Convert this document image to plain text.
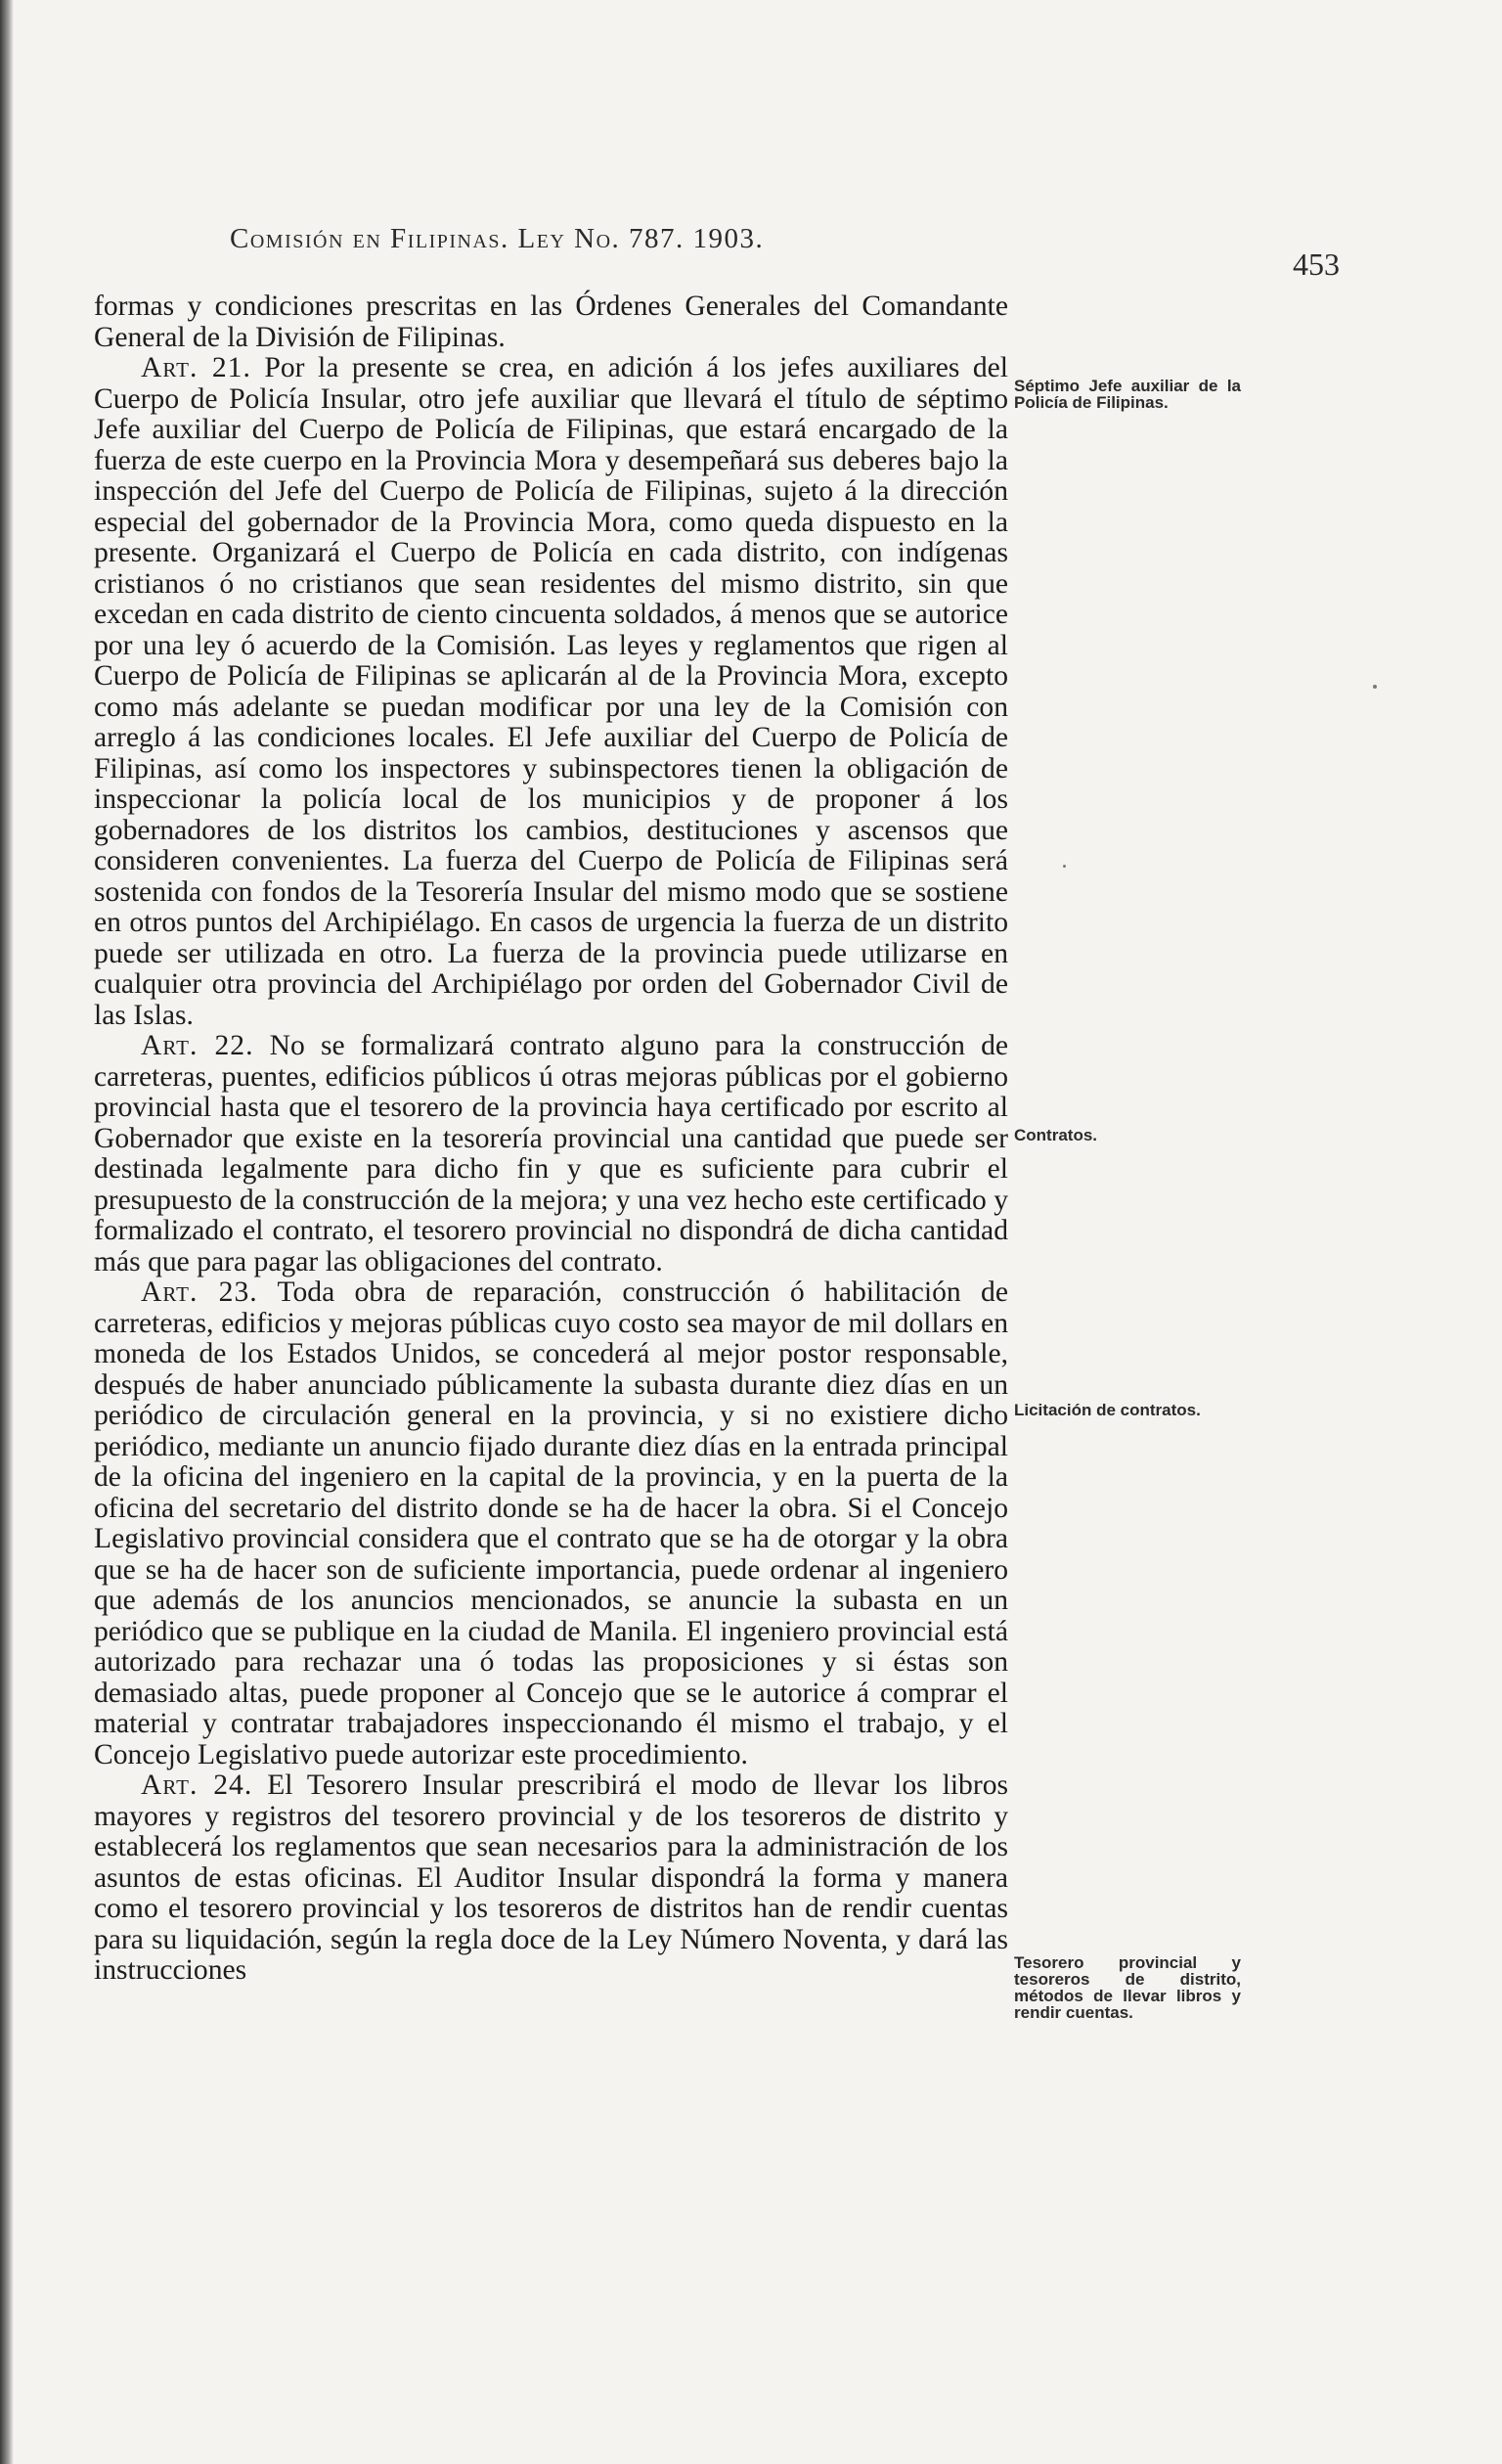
Comisión en Filipinas. Ley No. 787. 1903.
453

formas y condiciones prescritas en las Órdenes Generales del Comandante General de la División de Filipinas.

Art. 21. Por la presente se crea, en adición á los jefes auxiliares del Cuerpo de Policía Insular, otro jefe auxiliar que llevará el título de séptimo Jefe auxiliar del Cuerpo de Policía de Filipinas, que estará encargado de la fuerza de este cuerpo en la Provincia Mora y desempeñará sus deberes bajo la inspección del Jefe del Cuerpo de Policía de Filipinas, sujeto á la dirección especial del gobernador de la Provincia Mora, como queda dispuesto en la presente. Organizará el Cuerpo de Policía en cada distrito, con indígenas cristianos ó no cristianos que sean residentes del mismo distrito, sin que excedan en cada distrito de ciento cincuenta soldados, á menos que se autorice por una ley ó acuerdo de la Comisión. Las leyes y reglamentos que rigen al Cuerpo de Policía de Filipinas se aplicarán al de la Provincia Mora, excepto como más adelante se puedan modificar por una ley de la Comisión con arreglo á las condiciones locales. El Jefe auxiliar del Cuerpo de Policía de Filipinas, así como los inspectores y subinspectores tienen la obligación de inspeccionar la policía local de los municipios y de proponer á los gobernadores de los distritos los cambios, destituciones y ascensos que consideren convenientes. La fuerza del Cuerpo de Policía de Filipinas será sostenida con fondos de la Tesorería Insular del mismo modo que se sostiene en otros puntos del Archipiélago. En casos de urgencia la fuerza de un distrito puede ser utilizada en otro. La fuerza de la provincia puede utilizarse en cualquier otra provincia del Archipiélago por orden del Gobernador Civil de las Islas.

Art. 22. No se formalizará contrato alguno para la construcción de carreteras, puentes, edificios públicos ú otras mejoras públicas por el gobierno provincial hasta que el tesorero de la provincia haya certificado por escrito al Gobernador que existe en la tesorería provincial una cantidad que puede ser destinada legalmente para dicho fin y que es suficiente para cubrir el presupuesto de la construcción de la mejora; y una vez hecho este certificado y formalizado el contrato, el tesorero provincial no dispondrá de dicha cantidad más que para pagar las obligaciones del contrato.

Art. 23. Toda obra de reparación, construcción ó habilitación de carreteras, edificios y mejoras públicas cuyo costo sea mayor de mil dollars en moneda de los Estados Unidos, se concederá al mejor postor responsable, después de haber anunciado públicamente la subasta durante diez días en un periódico de circulación general en la provincia, y si no existiere dicho periódico, mediante un anuncio fijado durante diez días en la entrada principal de la oficina del ingeniero en la capital de la provincia, y en la puerta de la oficina del secretario del distrito donde se ha de hacer la obra. Si el Concejo Legislativo provincial considera que el contrato que se ha de otorgar y la obra que se ha de hacer son de suficiente importancia, puede ordenar al ingeniero que además de los anuncios mencionados, se anuncie la subasta en un periódico que se publique en la ciudad de Manila. El ingeniero provincial está autorizado para rechazar una ó todas las proposiciones y si éstas son demasiado altas, puede proponer al Concejo que se le autorice á comprar el material y contratar trabajadores inspeccionando él mismo el trabajo, y el Concejo Legislativo puede autorizar este procedimiento.

Art. 24. El Tesorero Insular prescribirá el modo de llevar los libros mayores y registros del tesorero provincial y de los tesoreros de distrito y establecerá los reglamentos que sean necesarios para la administración de los asuntos de estas oficinas. El Auditor Insular dispondrá la forma y manera como el tesorero provincial y los tesoreros de distritos han de rendir cuentas para su liquidación, según la regla doce de la Ley Número Noventa, y dará las instrucciones

Séptimo Jefe auxiliar de la Policía de Filipinas.
Contratos.
Licitación de contratos.
Tesorero provincial y tesoreros de distrito, métodos de llevar libros y rendir cuentas.
